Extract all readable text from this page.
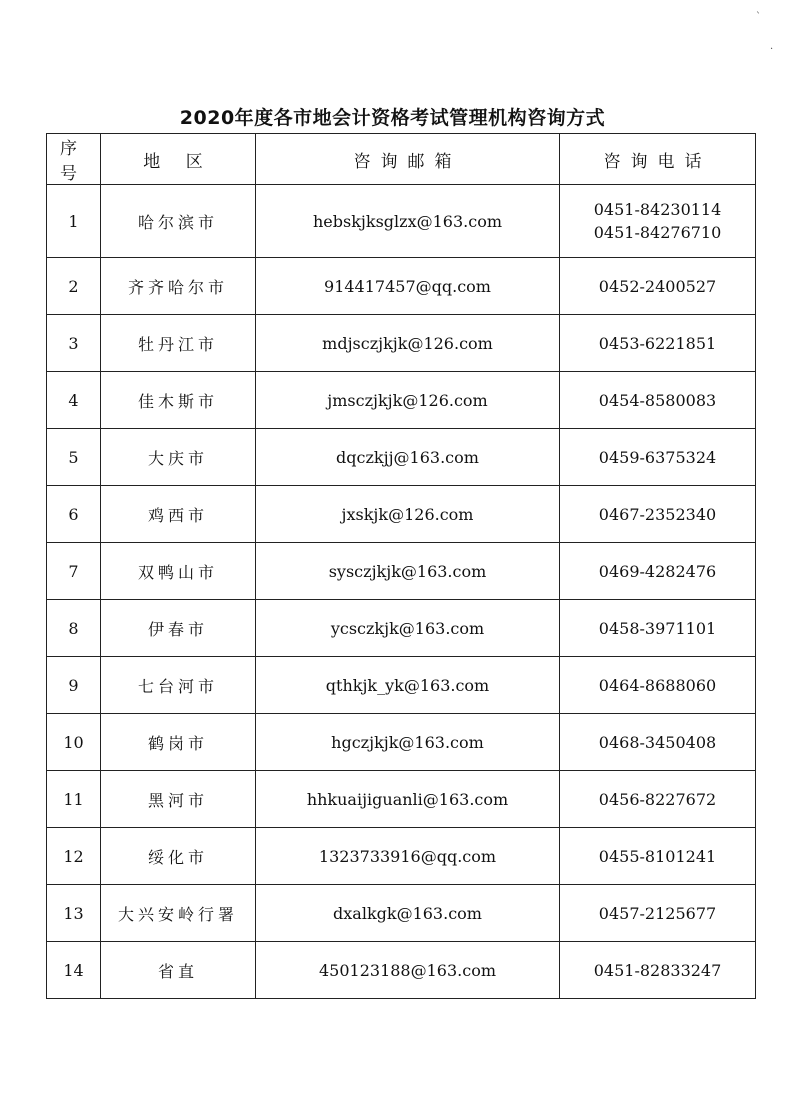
`
·
2020年度各市地会计资格考试管理机构咨询方式
序号	地 区	咨询邮箱	咨询电话
1	哈尔滨市	hebskjksglzx@163.com	0451-84230114
0451-84276710

2	齐齐哈尔市	914417457@qq.com	0452-2400527

3	牡丹江市	mdjsczjkjk@126.com	0453-6221851

4	佳木斯市	jmsczjkjk@126.com	0454-8580083

5	大庆市	dqczkjj@163.com	0459-6375324

6	鸡西市	jxskjk@126.com	0467-2352340

7	双鸭山市	sysczjkjk@163.com	0469-4282476

8	伊春市	ycsczkjk@163.com	0458-3971101

9	七台河市	qthkjk_yk@163.com	0464-8688060

10	鹤岗市	hgczjkjk@163.com	0468-3450408

11	黑河市	hhkuaijiguanli@163.com	0456-8227672

12	绥化市	1323733916@qq.com	0455-8101241

13	大兴安岭行署	dxalkgk@163.com	0457-2125677

14	省直	450123188@163.com	0451-82833247
